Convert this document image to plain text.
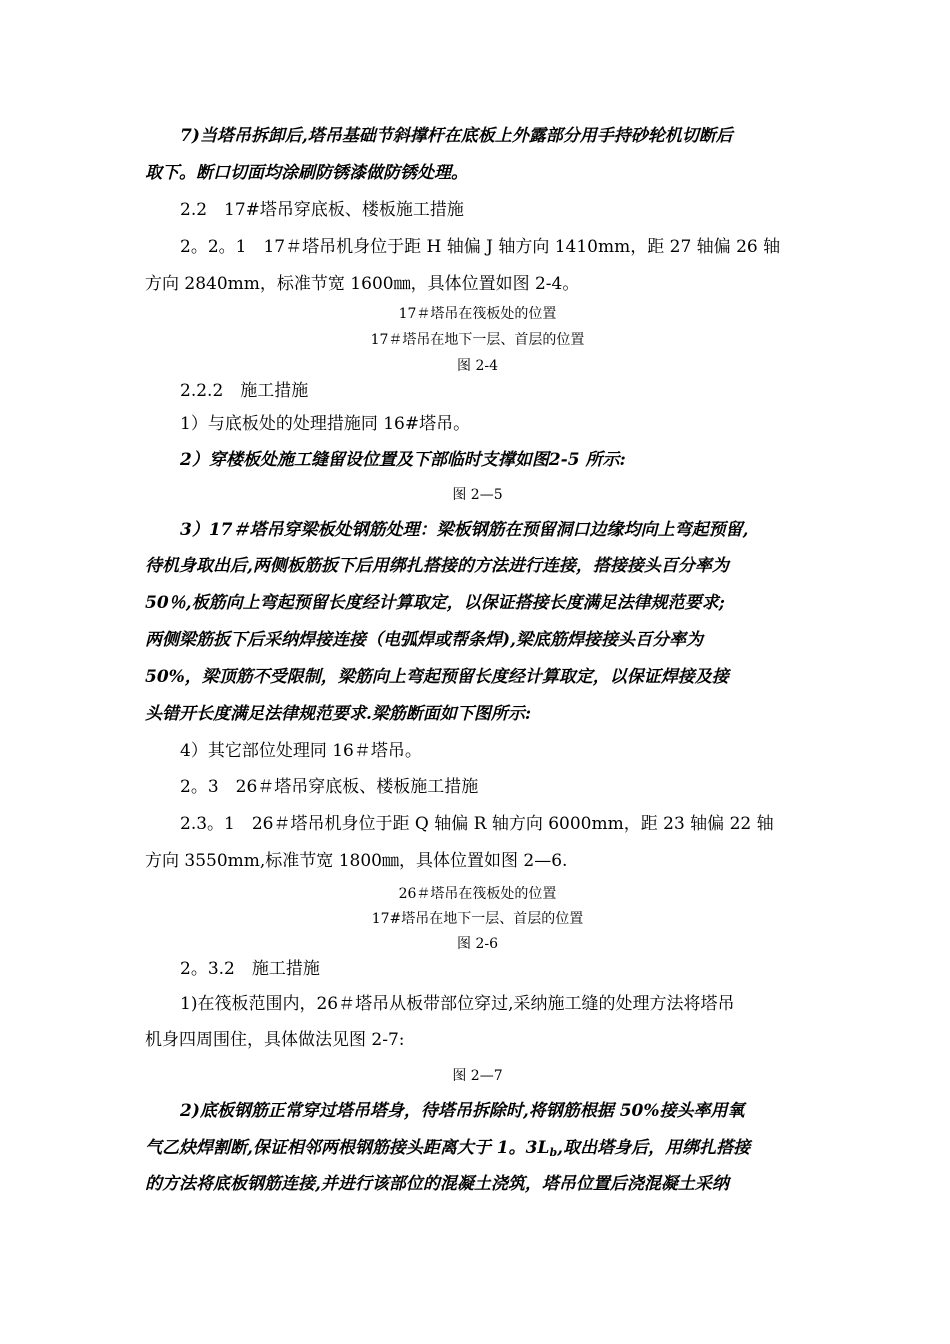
7)当塔吊拆卸后,塔吊基础节斜撑杆在底板上外露部分用手持砂轮机切断后
取下。断口切面均涂刷防锈漆做防锈处理。
2.2　17#塔吊穿底板、楼板施工措施
2。2。1　17＃塔吊机身位于距 H 轴偏 J 轴方向 1410mm，距 27 轴偏 26 轴
方向 2840mm，标准节宽 1600㎜，具体位置如图 2-4。
17＃塔吊在筏板处的位置
17＃塔吊在地下一层、首层的位置
图 2-4
2.2.2　施工措施
1）与底板处的处理措施同 16#塔吊。
2）穿楼板处施工缝留设位置及下部临时支撑如图2-5 所示:
图 2—5
3）17＃塔吊穿梁板处钢筋处理：梁板钢筋在预留洞口边缘均向上弯起预留,
待机身取出后,两侧板筋扳下后用绑扎搭接的方法进行连接，搭接接头百分率为
50％,板筋向上弯起预留长度经计算取定，以保证搭接长度满足法律规范要求;
两侧梁筋扳下后采纳焊接连接（电弧焊或帮条焊),梁底筋焊接接头百分率为
50%，梁顶筋不受限制，梁筋向上弯起预留长度经计算取定，以保证焊接及接
头错开长度满足法律规范要求.梁筋断面如下图所示:
4）其它部位处理同 16＃塔吊。
2。3　26＃塔吊穿底板、楼板施工措施
2.3。1　26＃塔吊机身位于距 Q 轴偏 R 轴方向 6000mm，距 23 轴偏 22 轴
方向 3550mm,标准节宽 1800㎜，具体位置如图 2—6.
26＃塔吊在筏板处的位置
17#塔吊在地下一层、首层的位置
图 2-6
2。3.2　施工措施
1)在筏板范围内，26＃塔吊从板带部位穿过,采纳施工缝的处理方法将塔吊
机身四周围住，具体做法见图 2-7:
图 2—7
2)底板钢筋正常穿过塔吊塔身，待塔吊拆除时,将钢筋根据 50%接头率用氧
气乙炔焊割断,保证相邻两根钢筋接头距离大于 1。$3L_b$,取出塔身后，用绑扎搭接
的方法将底板钢筋连接,并进行该部位的混凝土浇筑，塔吊位置后浇混凝土采纳
